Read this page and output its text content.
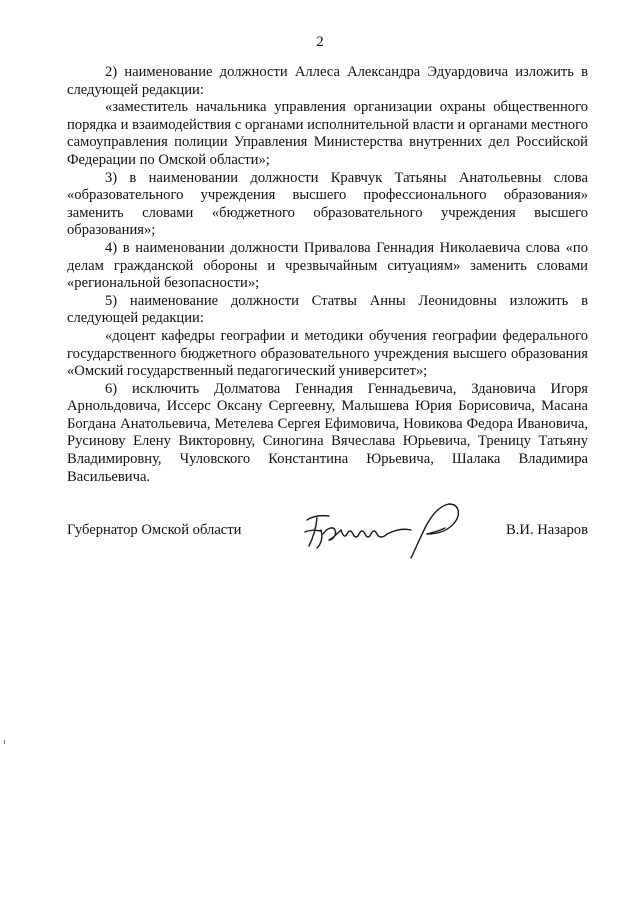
2

2) наименование должности Аллеса Александра Эдуардовича изложить в следующей редакции:

«заместитель начальника управления организации охраны общественного порядка и взаимодействия с органами исполнительной власти и органами местного самоуправления полиции Управления Министерства внутренних дел Российской Федерации по Омской области»;

3) в наименовании должности Кравчук Татьяны Анатольевны слова «образовательного учреждения высшего профессионального образования» заменить словами «бюджетного образовательного учреждения высшего образования»;

4) в наименовании должности Привалова Геннадия Николаевича слова «по делам гражданской обороны и чрезвычайным ситуациям» заменить словами «региональной безопасности»;

5) наименование должности Статвы Анны Леонидовны изложить в следующей редакции:

«доцент кафедры географии и методики обучения географии федерального государственного бюджетного образовательного учреждения высшего образования «Омский государственный педагогический университет»;

6) исключить Долматова Геннадия Геннадьевича, Здановича Игоря Арнольдовича, Иссерс Оксану Сергеевну, Малышева Юрия Борисовича, Масана Богдана Анатольевича, Метелева Сергея Ефимовича, Новикова Федора Ивановича, Русинову Елену Викторовну, Синогина Вячеслава Юрьевича, Треницу Татьяну Владимировну, Чуловского Константина Юрьевича, Шалака Владимира Васильевича.

Губернатор Омской области	В.И. Назаров
